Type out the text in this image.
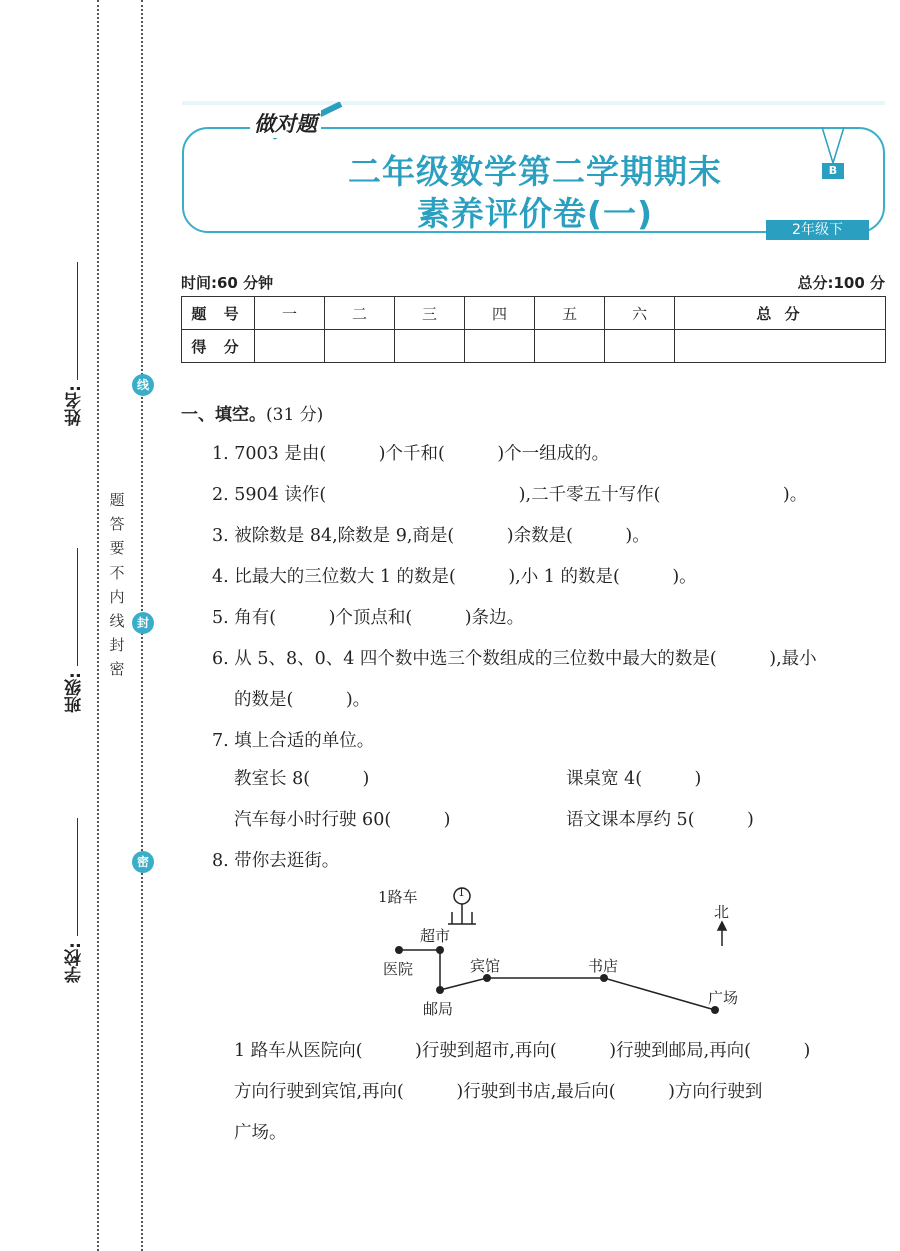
姓名:
班级:
学校:
线
封
密
题
答
要
不
内
线
封
密
做对题
二年级数学第二学期期末
素养评价卷(一)
B
2年级下
时间:60 分钟	总分:100 分
题 号	一	二	三	四	五	六	总 分
得 分							
一、填空。(31 分)
1. 7003 是由(　　　)个千和(　　　)个一组成的。
2. 5904 读作(　　　　　　　　　　　),二千零五十写作(　　　　　　　)。
3. 被除数是 84,除数是 9,商是(　　　)余数是(　　　)。
4. 比最大的三位数大 1 的数是(　　　),小 1 的数是(　　　)。
5. 角有(　　　)个顶点和(　　　)条边。
6. 从 5、8、0、4 四个数中选三个数组成的三位数中最大的数是(　　　),最小
的数是(　　　)。
7. 填上合适的单位。
教室长 8(　　　)	课桌宽 4(　　　)
汽车每小时行驶 60(　　　)	语文课本厚约 5(　　　)
8. 带你去逛街。
1路车	1
超市
医院
邮局
宾馆	书店
广场
北
1 路车从医院向(　　　)行驶到超市,再向(　　　)行驶到邮局,再向(　　　)
方向行驶到宾馆,再向(　　　)行驶到书店,最后向(　　　)方向行驶到
广场。
